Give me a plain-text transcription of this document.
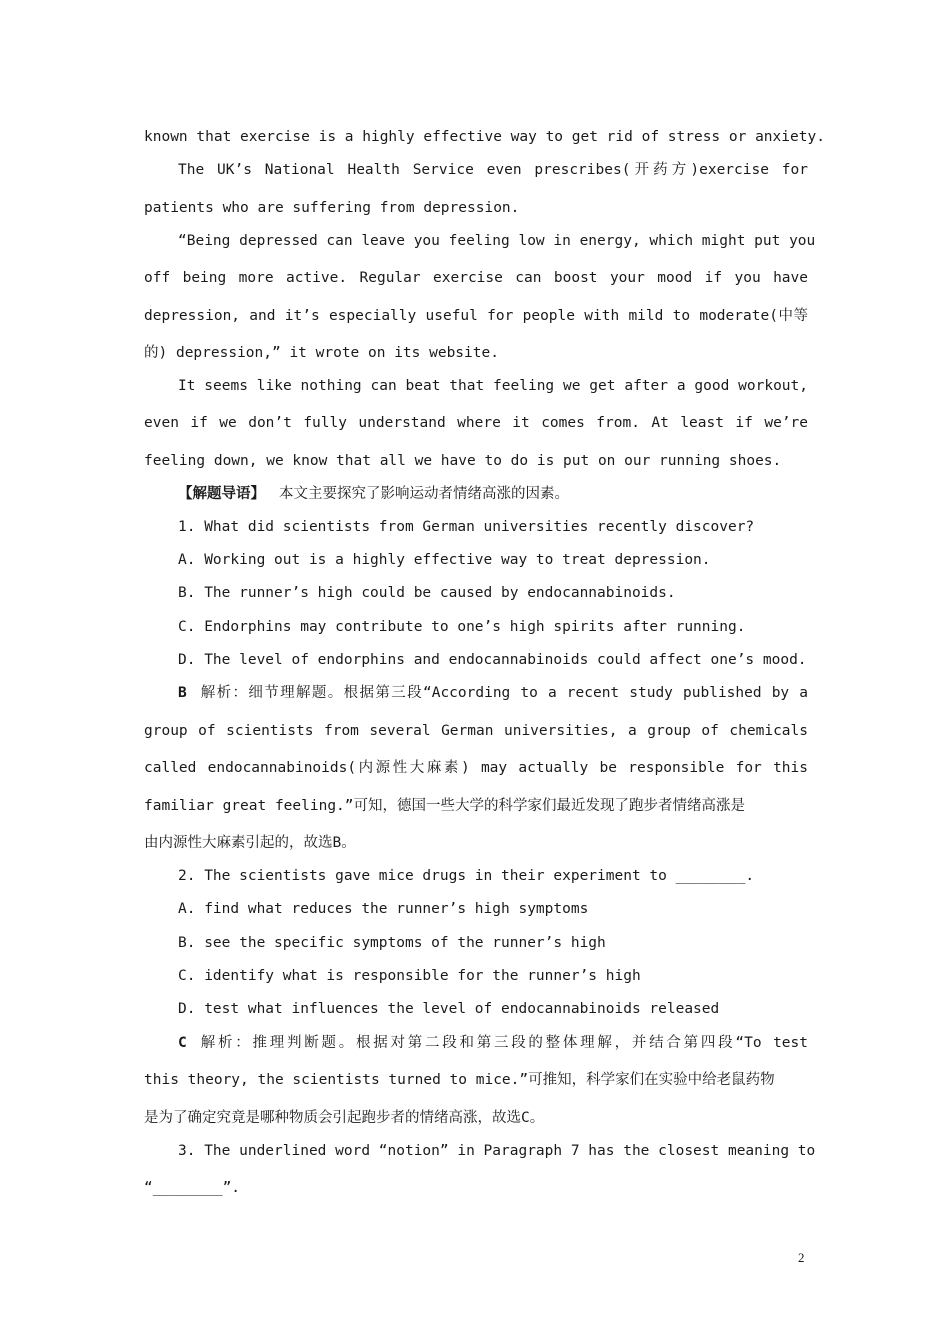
known that exercise is a highly effective way to get rid of stress or anxiety.
The UK’s National Health Service even prescribes(开药方)exercise for
patients who are suffering from depression.
“Being depressed can leave you feeling low in energy, which might put you
off being more active. Regular exercise can boost your mood if you have
depression, and it’s especially useful for people with mild to moderate(中等
的) depression,” it wrote on its website.
It seems like nothing can beat that feeling we get after a good workout,
even if we don’t fully understand where it comes from. At least if we’re
feeling down, we know that all we have to do is put on our running shoes.
【解题导语】 本文主要探究了影响运动者情绪高涨的因素。
1. What did scientists from German universities recently discover?
A. Working out is a highly effective way to treat depression.
B. The runner’s high could be caused by endocannabinoids.
C. Endorphins may contribute to one’s high spirits after running.
D. The level of endorphins and endocannabinoids could affect one’s mood.
B 解析：细节理解题。根据第三段“According to a recent study published by a
group of scientists from several German universities, a group of chemicals
called endocannabinoids(内源性大麻素) may actually be responsible for this
familiar great feeling.”可知，德国一些大学的科学家们最近发现了跑步者情绪高涨是
由内源性大麻素引起的，故选B。
2. The scientists gave mice drugs in their experiment to ________.
A. find what reduces the runner’s high symptoms
B. see the specific symptoms of the runner’s high
C. identify what is responsible for the runner’s high
D. test what influences the level of endocannabinoids released
C 解析：推理判断题。根据对第二段和第三段的整体理解，并结合第四段“To test
this theory, the scientists turned to mice.”可推知，科学家们在实验中给老鼠药物
是为了确定究竟是哪种物质会引起跑步者的情绪高涨，故选C。
3. The underlined word “notion” in Paragraph 7 has the closest meaning to
“________”.
2
